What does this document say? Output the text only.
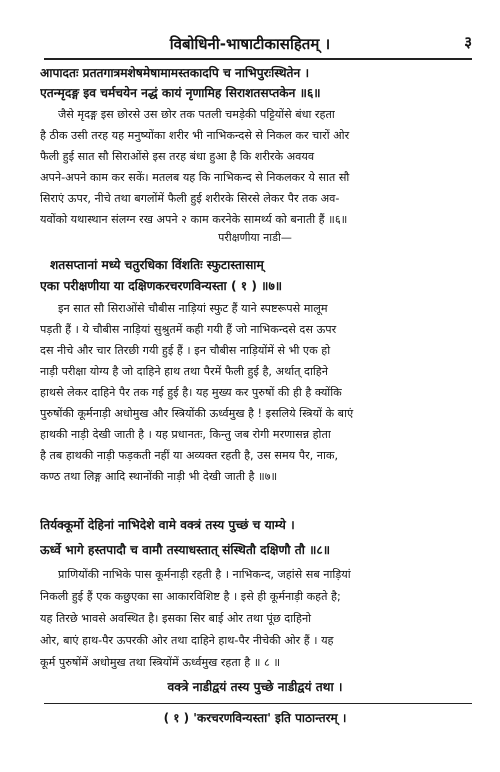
विबोधिनी-भाषाटीकासहितम् ।	३
आपादतः प्रततगात्रमशेषमेषामामस्तकादपि च नाभिपुरःस्थितेन ।
एतन्मृदङ्ग इव चर्मचयेन नद्धं कायं नृणामिह सिराशतसप्तकेन ॥६॥
जैसे मृदङ्ग इस छोरसे उस छोर तक पतली चमड़ेकी पट्टियोंसे बंधा रहता
है ठीक उसी तरह यह मनुष्योंका शरीर भी नाभिकन्दसे से निकल कर चारों ओर
फैली हुई सात सौ सिराओंसे इस तरह बंधा हुआ है कि शरीरके अवयव
अपने-अपने काम कर सकें। मतलब यह कि नाभिकन्द से निकलकर ये सात सौ
सिराएं ऊपर, नीचे तथा बगलोंमें फैली हुई शरीरके सिरसे लेकर पैर तक अव-
यवोंको यथास्थान संलग्न रख अपने २ काम करनेके सामर्थ्य को बनाती हैं ॥६॥
परीक्षणीया नाडी—
शतसप्तानां मध्ये चतुरधिका विंशतिः स्फुटास्तासाम्
एका परीक्षणीया या दक्षिणकरचरणविन्यस्ता ( १ ) ॥७॥
इन सात सौ सिराओंसे चौबीस नाड़ियां स्फुट हैं याने स्पष्टरूपसे मालूम
पड़ती हैं । ये चौबीस नाड़ियां सुश्रुतमें कही गयी हैं जो नाभिकन्दसे दस ऊपर
दस नीचे और चार तिरछी गयी हुई हैं । इन चौबीस नाड़ियोंमें से भी एक हो
नाड़ी परीक्षा योग्य है जो दाहिने हाथ तथा पैरमें फैली हुई है, अर्थात् दाहिने
हाथसे लेकर दाहिने पैर तक गई हुई है। यह मुख्य कर पुरुषों की ही है क्योंकि
पुरुषोंकी कूर्मनाड़ी अधोमुख और स्त्रियोंकी ऊर्ध्वमुख है ! इसलिये स्त्रियों के बाएं
हाथकी नाड़ी देखी जाती है । यह प्रधानतः, किन्तु जब रोगी मरणासन्न होता
है तब हाथकी नाड़ी फड़कती नहीं या अव्यक्त रहती है, उस समय पैर, नाक,
कण्ठ तथा लिङ्ग आदि स्थानोंकी नाड़ी भी देखी जाती है ॥७॥
तिर्यक्कूर्मो देहिनां नाभिदेशे वामे वक्त्रं तस्य पुच्छं च याम्ये ।
ऊर्ध्वे भागे हस्तपादौ च वामौ तस्याधस्तात् संस्थितौ दक्षिणौ तौ ॥८॥
प्राणियोंकी नाभिके पास कूर्मनाड़ी रहती है । नाभिकन्द, जहांसे सब नाड़ियां
निकली हुई हैं एक कछुएका सा आकारविशिष्ट है । इसे ही कूर्मनाड़ी कहते है;
यह तिरछे भावसे अवस्थित है। इसका सिर बाई ओर तथा पूंछ दाहिनो
ओर, बाएं हाथ-पैर ऊपरकी ओर तथा दाहिने हाथ-पैर नीचेकी ओर हैं । यह
कूर्म पुरुषोंमें अधोमुख तथा स्त्रियोंमें ऊर्ध्वमुख रहता है ॥ ८ ॥
वक्त्रे नाडीद्वयं तस्य पुच्छे नाडीद्वयं तथा ।
( १ ) 'करचरणविन्यस्ता' इति पाठान्तरम् ।
